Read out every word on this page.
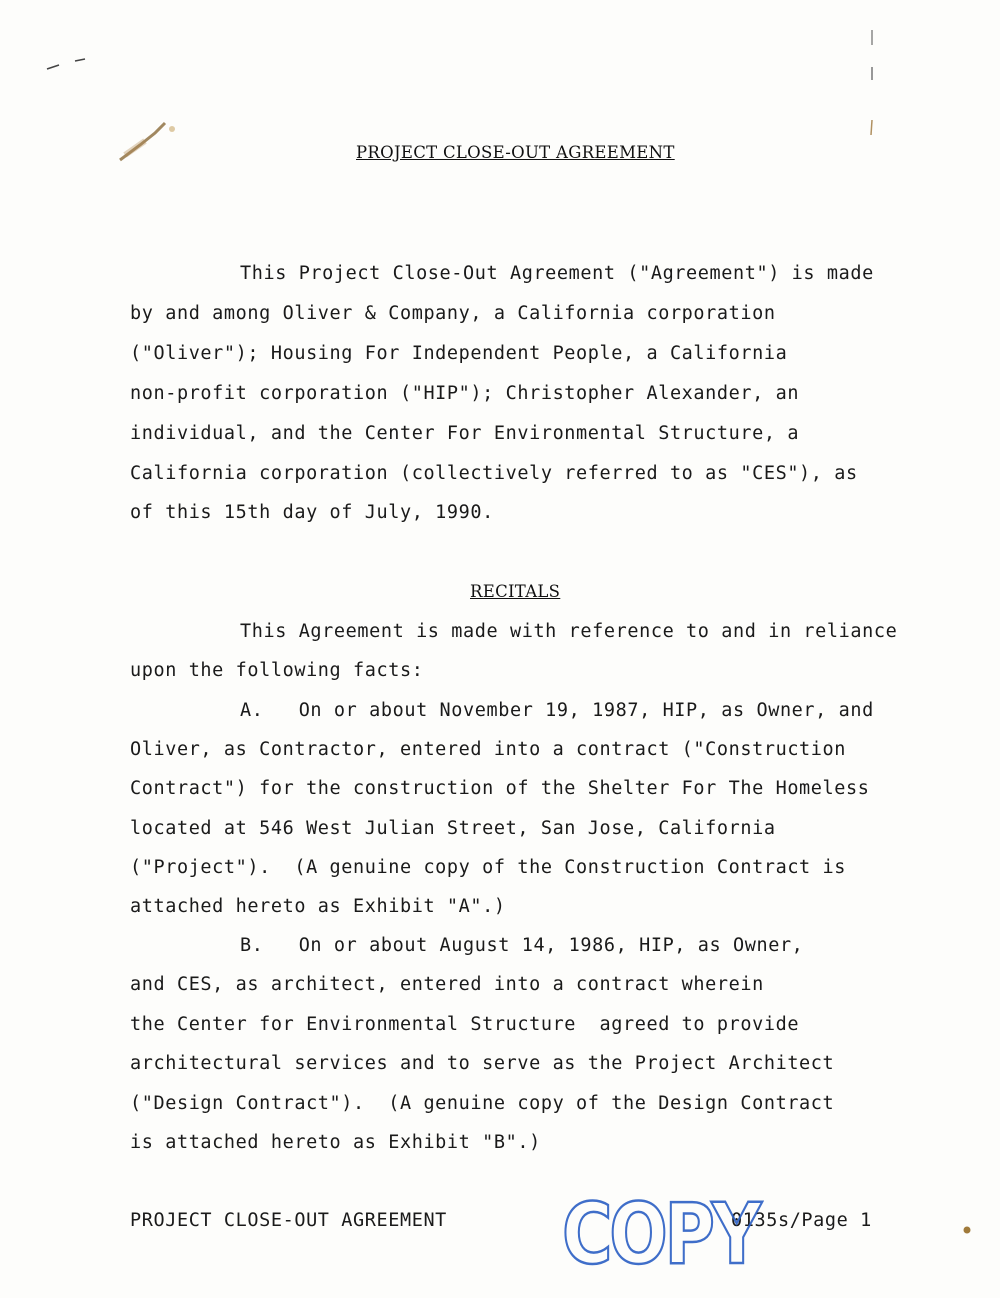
PROJECT CLOSE-OUT AGREEMENT
This Project Close-Out Agreement ("Agreement") is made
by and among Oliver & Company, a California corporation
("Oliver"); Housing For Independent People, a California
non-profit corporation ("HIP"); Christopher Alexander, an
individual, and the Center For Environmental Structure, a
California corporation (collectively referred to as "CES"), as
of this 15th day of July, 1990.
RECITALS
This Agreement is made with reference to and in reliance
upon the following facts:
A.   On or about November 19, 1987, HIP, as Owner, and
Oliver, as Contractor, entered into a contract ("Construction
Contract") for the construction of the Shelter For The Homeless
located at 546 West Julian Street, San Jose, California
("Project").  (A genuine copy of the Construction Contract is
attached hereto as Exhibit "A".)
B.   On or about August 14, 1986, HIP, as Owner,
and CES, as architect, entered into a contract wherein
the Center for Environmental Structure  agreed to provide
architectural services and to serve as the Project Architect
("Design Contract").  (A genuine copy of the Design Contract
is attached hereto as Exhibit "B".)
PROJECT CLOSE-OUT AGREEMENT	0135s/Page 1
COPY
